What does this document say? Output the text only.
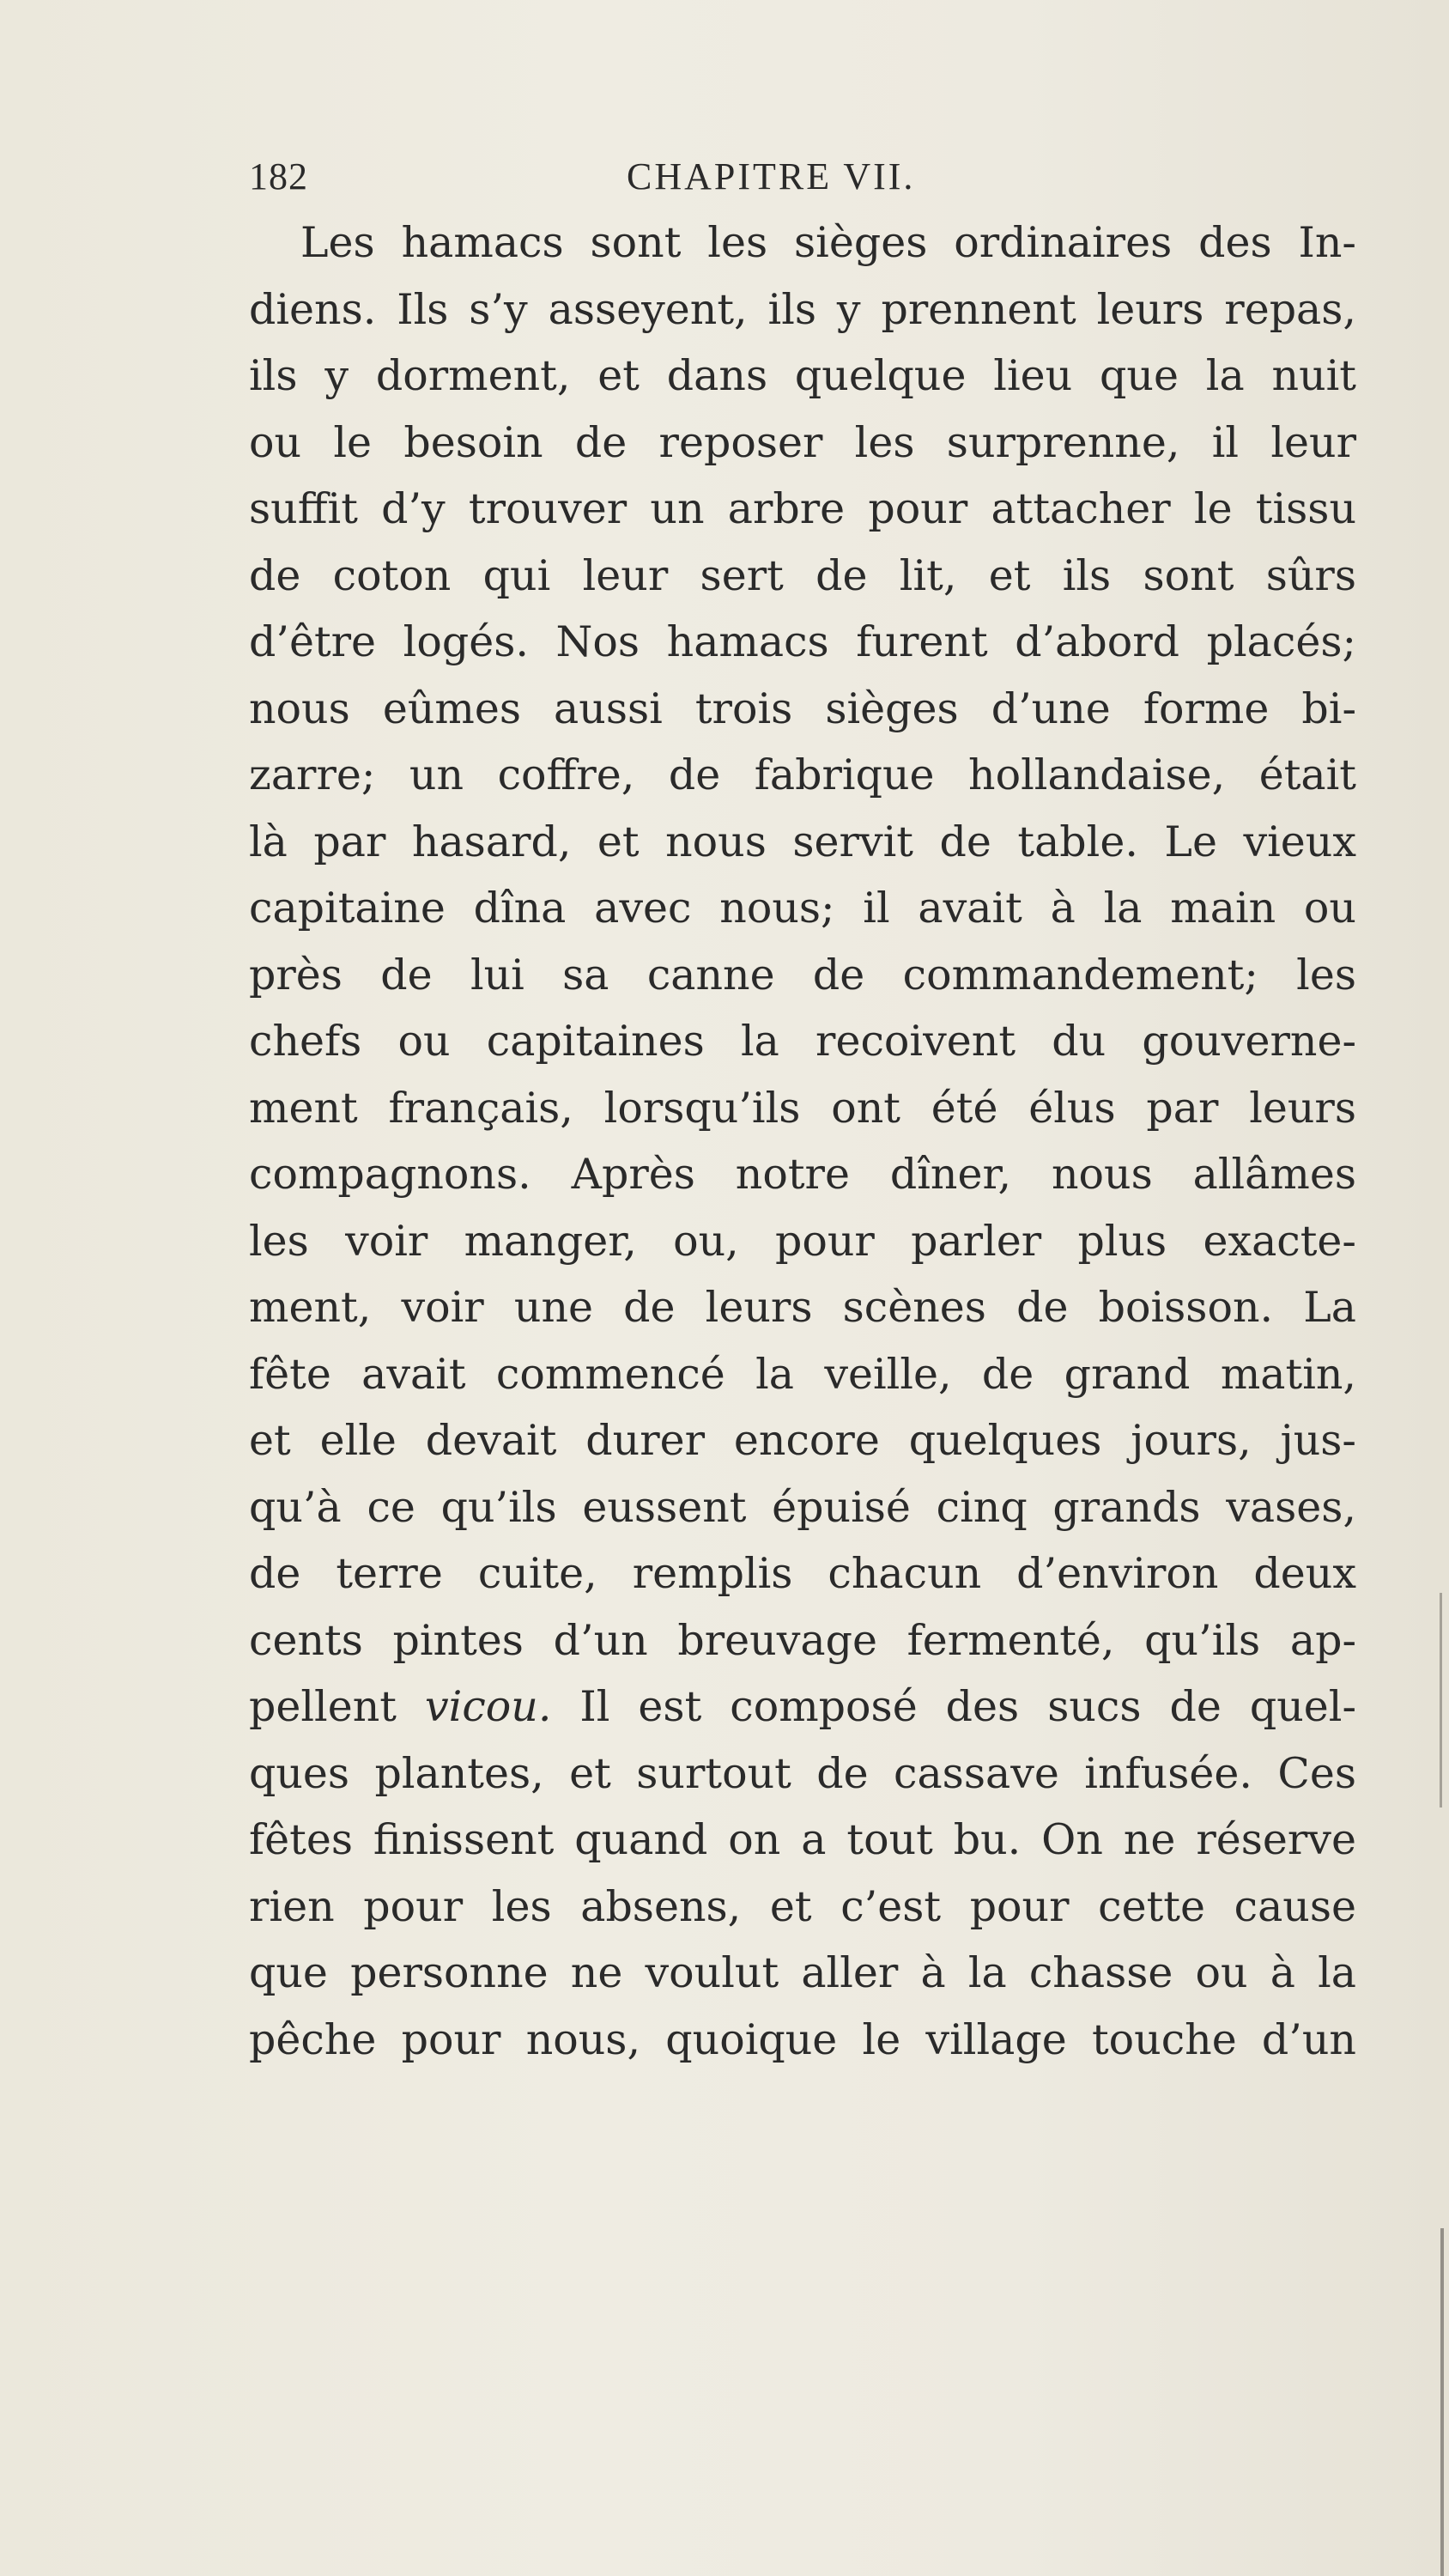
182	CHAPITRE VII.
Les hamacs sont les sièges ordinaires des In-
diens. Ils s’y asseyent, ils y prennent leurs repas,
ils y dorment, et dans quelque lieu que la nuit
ou le besoin de reposer les surprenne, il leur
suffit d’y trouver un arbre pour attacher le tissu
de coton qui leur sert de lit, et ils sont sûrs
d’être logés. Nos hamacs furent d’abord placés;
nous eûmes aussi trois sièges d’une forme bi-
zarre; un coffre, de fabrique hollandaise, était
là par hasard, et nous servit de table. Le vieux
capitaine dîna avec nous; il avait à la main ou
près de lui sa canne de commandement; les
chefs ou capitaines la recoivent du gouverne-
ment français, lorsqu’ils ont été élus par leurs
compagnons. Après notre dîner, nous allâmes
les voir manger, ou, pour parler plus exacte-
ment, voir une de leurs scènes de boisson. La
fête avait commencé la veille, de grand matin,
et elle devait durer encore quelques jours, jus-
qu’à ce qu’ils eussent épuisé cinq grands vases,
de terre cuite, remplis chacun d’environ deux
cents pintes d’un breuvage fermenté, qu’ils ap-
pellent vicou. Il est composé des sucs de quel-
ques plantes, et surtout de cassave infusée. Ces
fêtes finissent quand on a tout bu. On ne réserve
rien pour les absens, et c’est pour cette cause
que personne ne voulut aller à la chasse ou à la
pêche pour nous, quoique le village touche d’un
